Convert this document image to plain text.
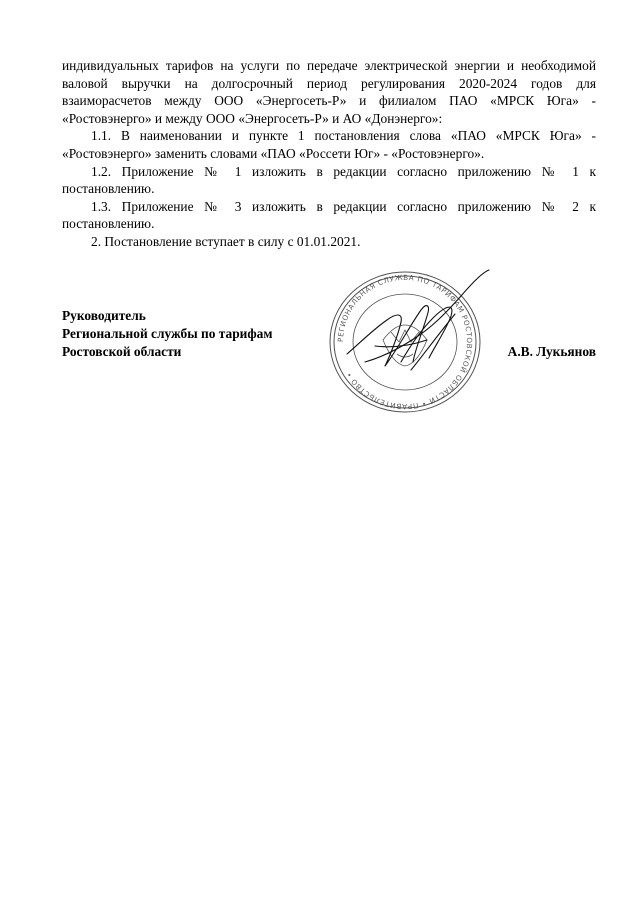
индивидуальных тарифов на услуги по передаче электрической энергии и необходимой валовой выручки на долгосрочный период регулирования 2020-2024 годов для взаиморасчетов между ООО «Энергосеть-Р» и филиалом ПАО «МРСК Юга» - «Ростовэнерго» и между ООО «Энергосеть-Р» и АО «Донэнерго»:

1.1. В наименовании и пункте 1 постановления слова «ПАО «МРСК Юга» - «Ростовэнерго» заменить словами «ПАО «Россети Юг» - «Ростовэнерго».

1.2. Приложение № 1 изложить в редакции согласно приложению № 1 к постановлению.

1.3. Приложение № 3 изложить в редакции согласно приложению № 2 к постановлению.

2. Постановление вступает в силу с 01.01.2021.

РЕГИОНАЛЬНАЯ СЛУЖБА ПО ТАРИФАМ РОСТОВСКОЙ ОБЛАСТИ • ПРАВИТЕЛЬСТВО •
Руководитель
Региональной службы по тарифам
Ростовской области	А.В. Лукьянов
